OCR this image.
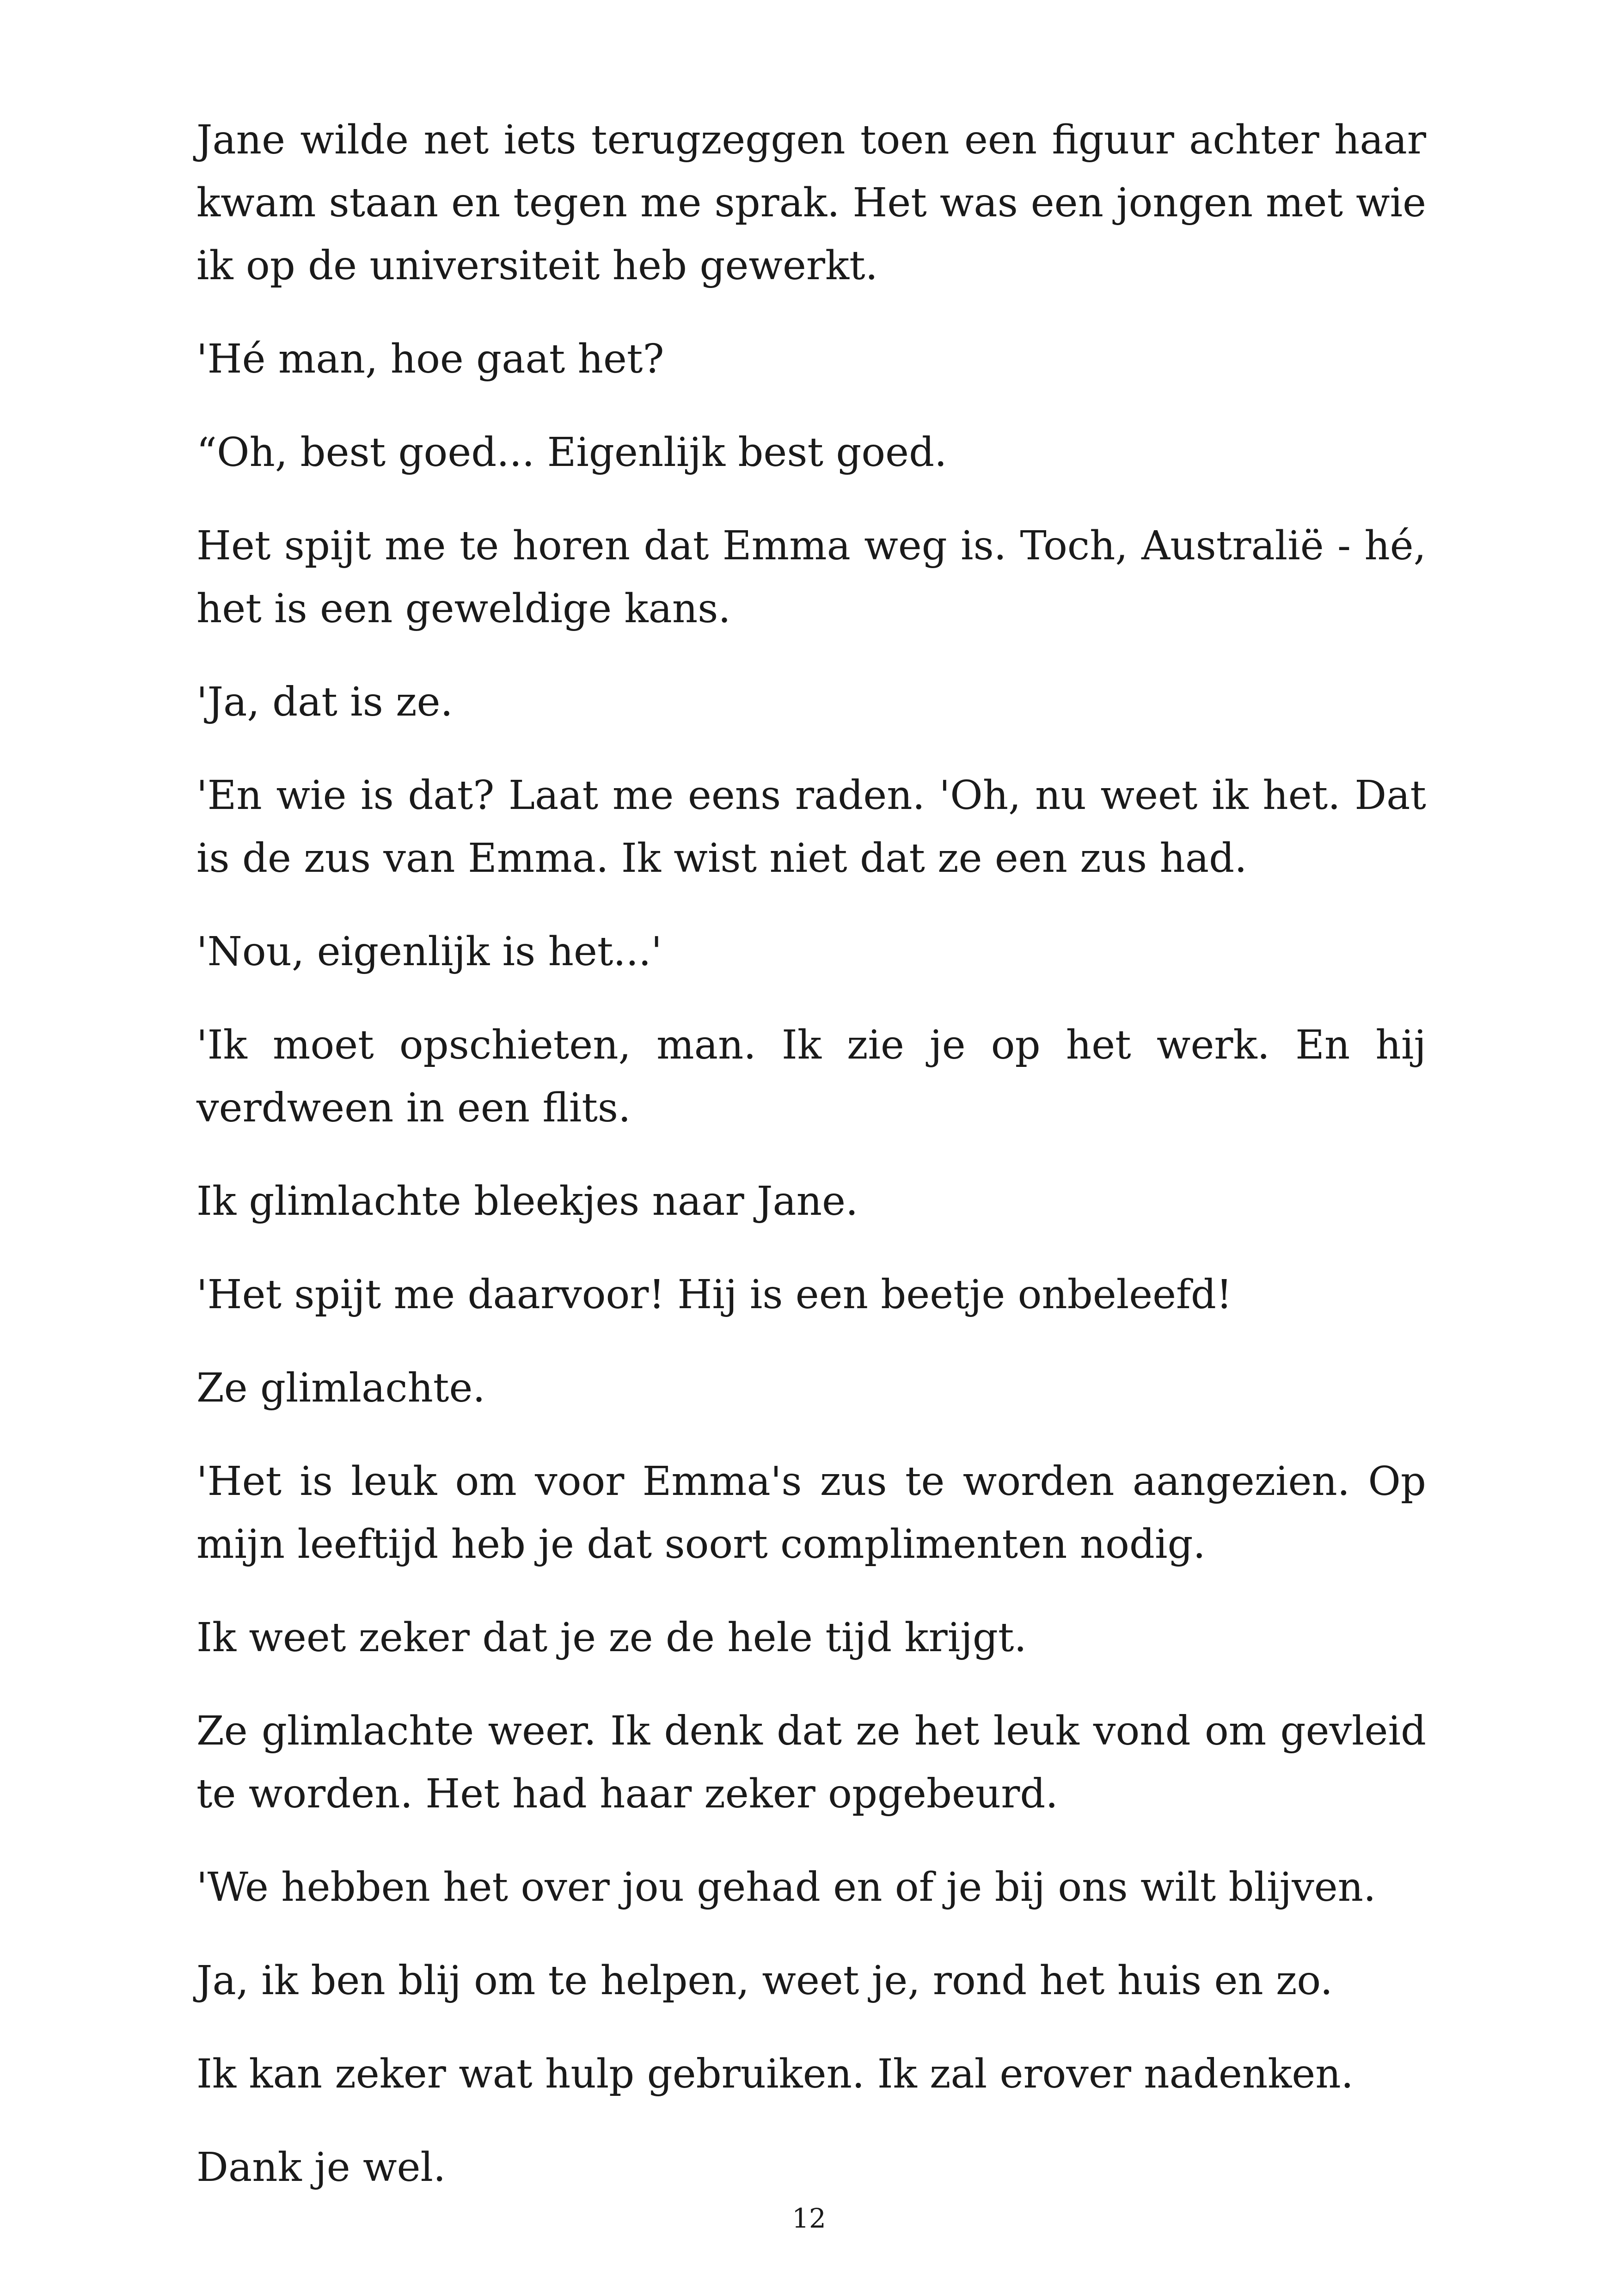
Jane wilde net iets terugzeggen toen een figuur achter haar kwam staan en tegen me sprak. Het was een jongen met wie ik op de universiteit heb gewerkt.

'Hé man, hoe gaat het?

“Oh, best goed... Eigenlijk best goed.

Het spijt me te horen dat Emma weg is. Toch, Australië - hé, het is een geweldige kans.

'Ja, dat is ze.

'En wie is dat? Laat me eens raden. 'Oh, nu weet ik het. Dat is de zus van Emma. Ik wist niet dat ze een zus had.

'Nou, eigenlijk is het...'

'Ik moet opschieten, man. Ik zie je op het werk. En hij verdween in een flits.

Ik glimlachte bleekjes naar Jane.

'Het spijt me daarvoor! Hij is een beetje onbeleefd!

Ze glimlachte.

'Het is leuk om voor Emma's zus te worden aangezien. Op mijn leeftijd heb je dat soort complimenten nodig.

Ik weet zeker dat je ze de hele tijd krijgt.

Ze glimlachte weer. Ik denk dat ze het leuk vond om gevleid te worden. Het had haar zeker opgebeurd.

'We hebben het over jou gehad en of je bij ons wilt blijven.

Ja, ik ben blij om te helpen, weet je, rond het huis en zo.

Ik kan zeker wat hulp gebruiken. Ik zal erover nadenken.

Dank je wel.

12
